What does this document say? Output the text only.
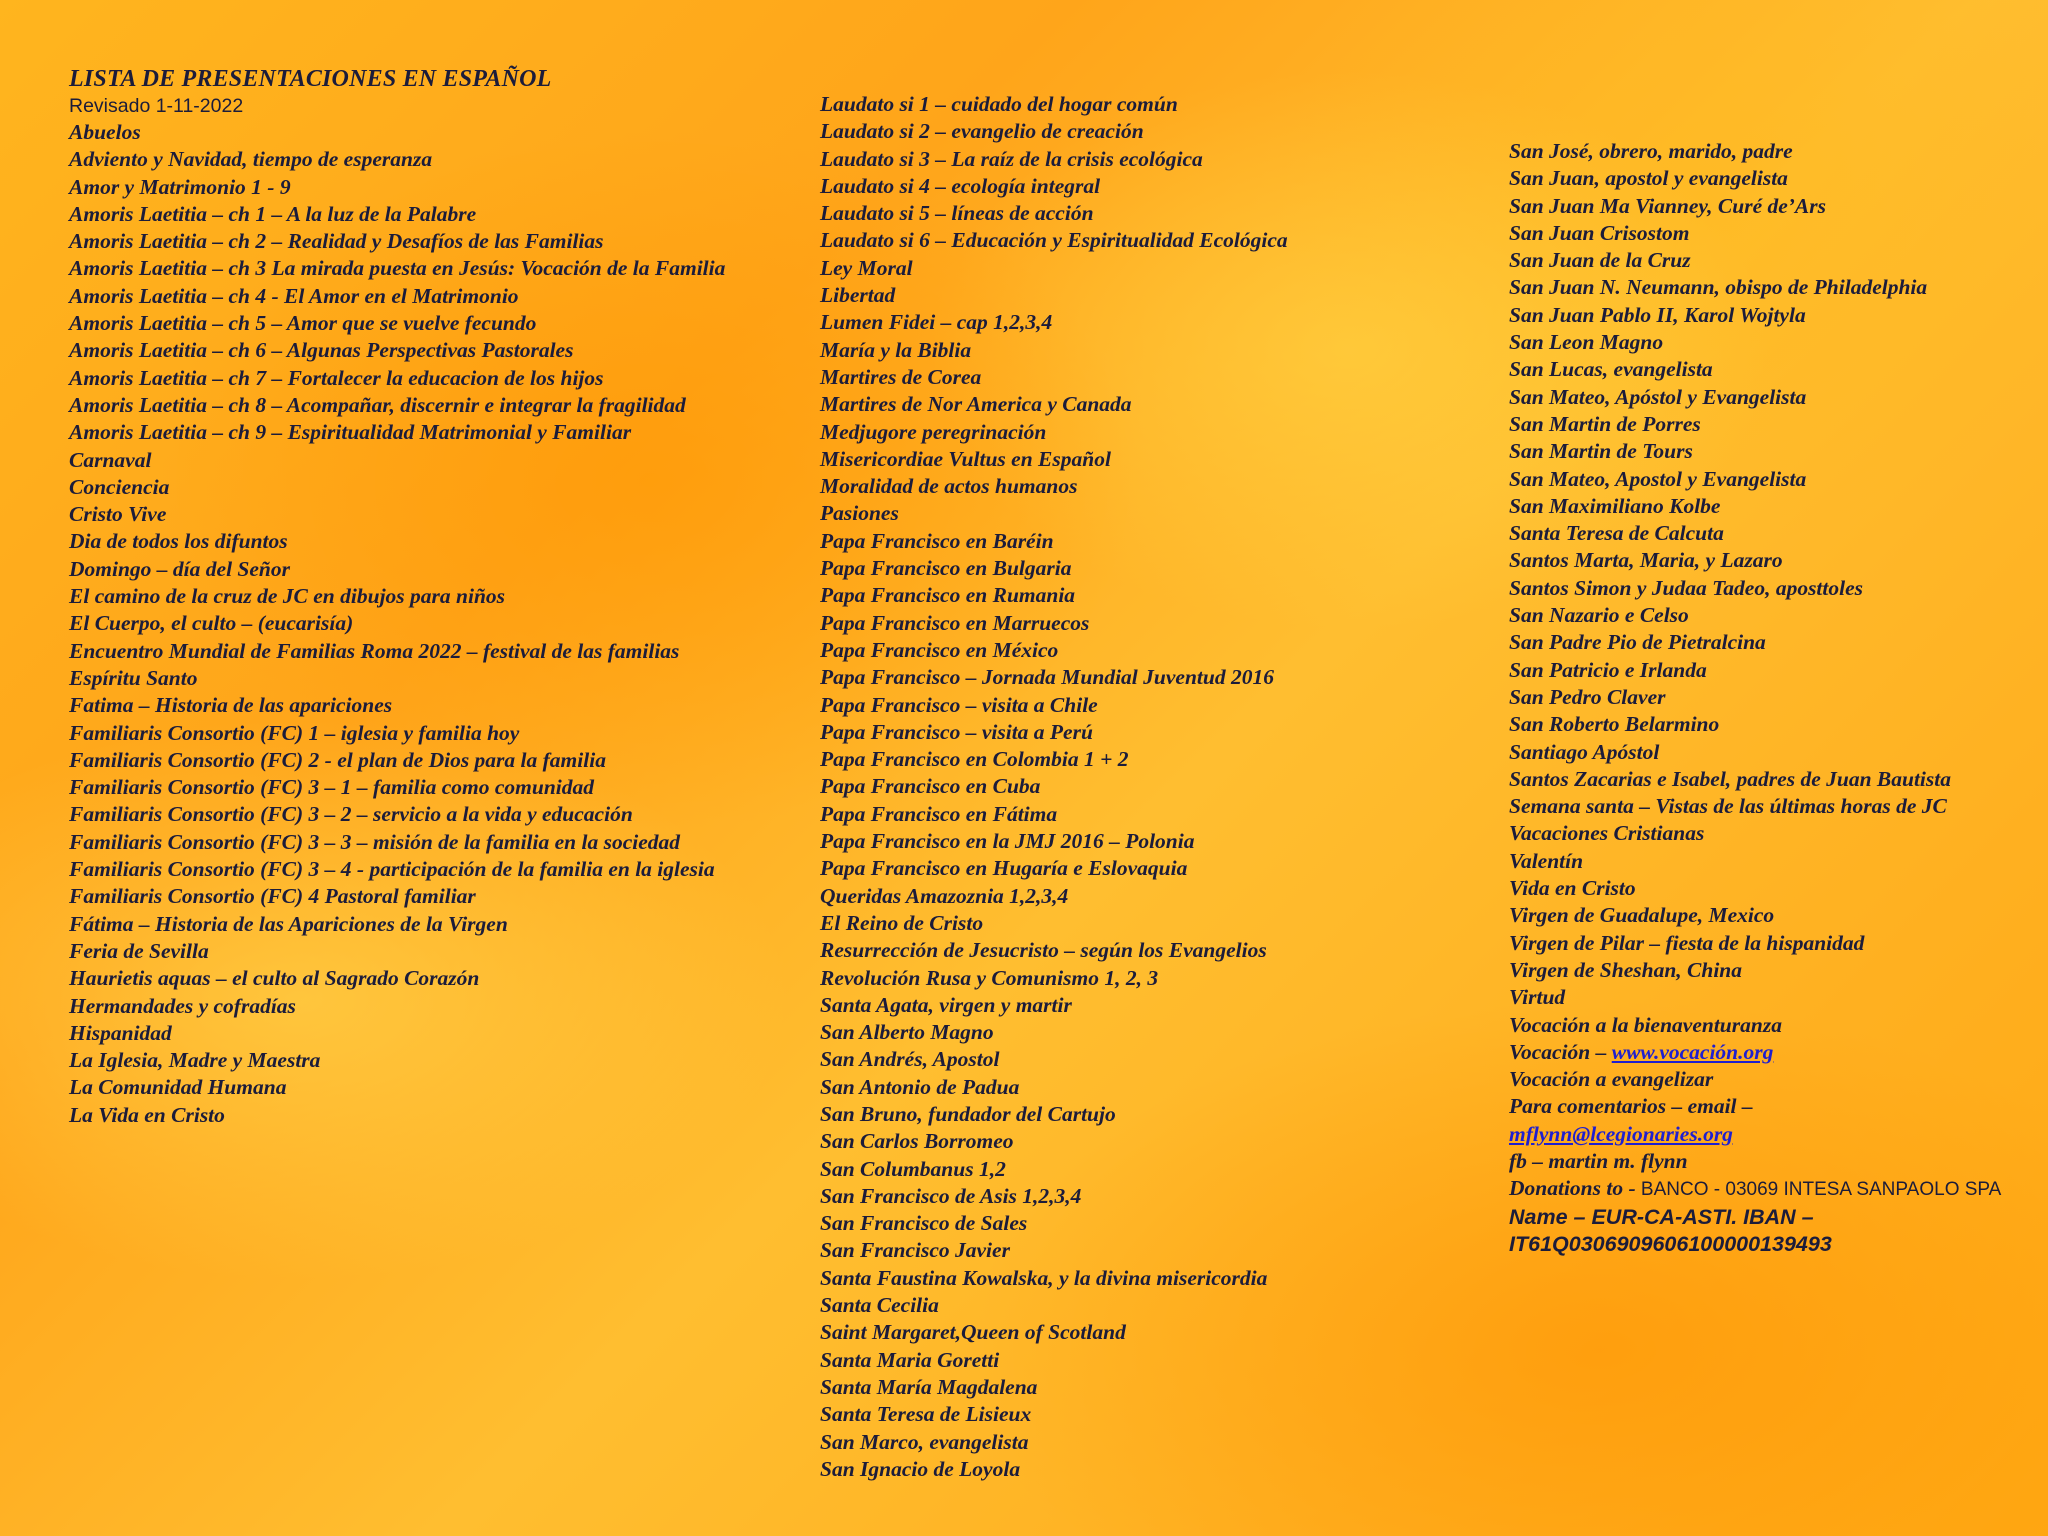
LISTA DE PRESENTACIONES EN ESPAÑOL
Revisado 1-11-2022
Abuelos
Adviento y Navidad, tiempo de esperanza
Amor y Matrimonio 1 - 9
Amoris Laetitia – ch 1 – A la luz de la Palabre
Amoris Laetitia – ch 2 – Realidad y Desafíos de las Familias
Amoris Laetitia – ch 3 La mirada puesta en Jesús: Vocación de la Familia
Amoris Laetitia – ch 4 - El Amor en el Matrimonio
Amoris Laetitia – ch 5 – Amor que se vuelve fecundo
Amoris Laetitia – ch 6 – Algunas Perspectivas Pastorales
Amoris Laetitia – ch 7 – Fortalecer la educacion de los hijos
Amoris Laetitia – ch 8 – Acompañar, discernir e integrar la fragilidad
Amoris Laetitia – ch 9 – Espiritualidad Matrimonial y Familiar
Carnaval
Conciencia
Cristo Vive
Dia de todos los difuntos
Domingo – día del Señor
El camino de la cruz de JC en dibujos para niños
El Cuerpo, el culto – (eucarisía)
Encuentro Mundial de Familias Roma 2022 – festival de las familias
Espíritu Santo
Fatima – Historia de las apariciones
Familiaris Consortio (FC) 1 – iglesia y familia hoy
Familiaris Consortio (FC) 2 - el plan de Dios para la familia
Familiaris Consortio (FC) 3 – 1 – familia como comunidad
Familiaris Consortio (FC) 3 – 2 – servicio a la vida y educación
Familiaris Consortio (FC) 3 – 3 – misión de la familia en la sociedad
Familiaris Consortio (FC) 3 – 4 - participación de la familia en la iglesia
Familiaris Consortio (FC) 4 Pastoral familiar
Fátima – Historia de las Apariciones de la Virgen
Feria de Sevilla
Haurietis aquas – el culto al Sagrado Corazón
Hermandades y cofradías
Hispanidad
La Iglesia, Madre y Maestra
La Comunidad Humana
La Vida en Cristo
Laudato si 1 – cuidado del hogar común
Laudato si 2 – evangelio de creación
Laudato si 3 – La raíz de la crisis ecológica
Laudato si 4 – ecología integral
Laudato si 5 – líneas de acción
Laudato si 6 – Educación y Espiritualidad Ecológica
Ley Moral
Libertad
Lumen Fidei – cap 1,2,3,4
María y la Biblia
Martires de Corea
Martires de Nor America y Canada
Medjugore peregrinación
Misericordiae Vultus en Español
Moralidad de actos humanos
Pasiones
Papa Francisco en Baréin
Papa Francisco en Bulgaria
Papa Francisco en Rumania
Papa Francisco en Marruecos
Papa Francisco en México
Papa Francisco – Jornada Mundial Juventud 2016
Papa Francisco – visita a Chile
Papa Francisco – visita a Perú
Papa Francisco en Colombia 1 + 2
Papa Francisco en Cuba
Papa Francisco en Fátima
Papa Francisco en la JMJ 2016 – Polonia
Papa Francisco en Hugaría e Eslovaquia
Queridas Amazoznia 1,2,3,4
El Reino de Cristo
Resurrección de Jesucristo – según los Evangelios
Revolución Rusa y Comunismo 1, 2, 3
Santa Agata, virgen y martir
San Alberto Magno
San Andrés, Apostol
San Antonio de Padua
San Bruno, fundador del Cartujo
San Carlos Borromeo
San Columbanus 1,2
San Francisco de Asis 1,2,3,4
San Francisco de Sales
San Francisco Javier
Santa Faustina Kowalska, y la divina misericordia
Santa Cecilia
Saint Margaret,Queen of Scotland
Santa Maria Goretti
Santa María Magdalena
Santa Teresa de Lisieux
San Marco, evangelista
San Ignacio de Loyola
San José, obrero, marido, padre
San Juan, apostol y evangelista
San Juan Ma Vianney, Curé de’Ars
San Juan Crisostom
San Juan de la Cruz
San Juan N. Neumann, obispo de Philadelphia
San Juan Pablo II, Karol Wojtyla
San Leon Magno
San Lucas, evangelista
San Mateo, Apóstol y Evangelista
San Martin de Porres
San Martin de Tours
San Mateo, Apostol y Evangelista
San Maximiliano Kolbe
Santa Teresa de Calcuta
Santos Marta, Maria, y Lazaro
Santos Simon y Judaa Tadeo, aposttoles
San Nazario e Celso
San Padre Pio de Pietralcina
San Patricio e Irlanda
San Pedro Claver
San Roberto Belarmino
Santiago Apóstol
Santos Zacarias e Isabel, padres de Juan Bautista
Semana santa – Vistas de las últimas horas de JC
Vacaciones Cristianas
Valentín
Vida en Cristo
Virgen de Guadalupe, Mexico
Virgen de Pilar – fiesta de la hispanidad
Virgen de Sheshan, China
Virtud
Vocación a la bienaventuranza
Vocación – www.vocación.org
Vocación a evangelizar
Para comentarios – email –
mflynn@lcegionaries.org
fb – martin m. flynn
Donations to - BANCO - 03069 INTESA SANPAOLO SPA
Name – EUR-CA-ASTI. IBAN –
IT61Q0306909606100000139493
